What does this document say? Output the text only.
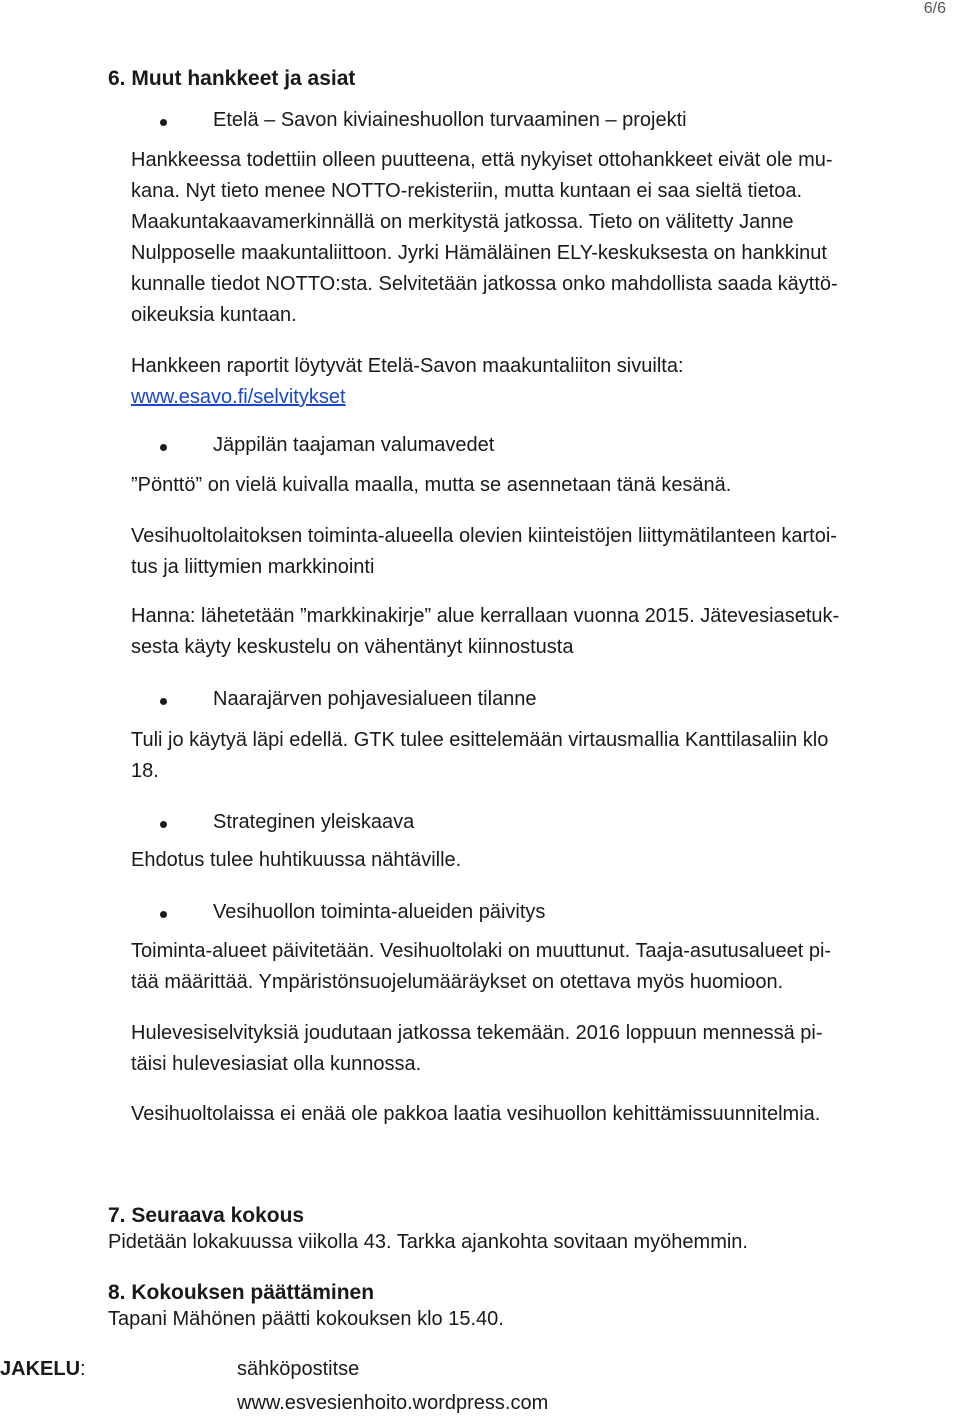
6/6
6. Muut hankkeet ja asiat
Etelä – Savon kiviaineshuollon turvaaminen – projekti
Hankkeessa todettiin olleen puutteena, että nykyiset ottohankkeet eivät ole mu-
kana. Nyt tieto menee NOTTO-rekisteriin, mutta kuntaan ei saa sieltä tietoa.
Maakuntakaavamerkinnällä on merkitystä jatkossa. Tieto on välitetty Janne
Nulpposelle maakuntaliittoon. Jyrki Hämäläinen ELY-keskuksesta on hankkinut
kunnalle tiedot NOTTO:sta. Selvitetään jatkossa onko mahdollista saada käyttö-
oikeuksia kuntaan.
Hankkeen raportit löytyvät Etelä-Savon maakuntaliiton sivuilta:
www.esavo.fi/selvitykset
Jäppilän taajaman valumavedet
”Pönttö” on vielä kuivalla maalla, mutta se asennetaan tänä kesänä.
Vesihuoltolaitoksen toiminta-alueella olevien kiinteistöjen liittymätilanteen kartoi-
tus ja liittymien markkinointi
Hanna: lähetetään ”markkinakirje” alue kerrallaan vuonna 2015. Jätevesiasetuk-
sesta käyty keskustelu on vähentänyt kiinnostusta
Naarajärven pohjavesialueen tilanne
Tuli jo käytyä läpi edellä. GTK tulee esittelemään virtausmallia Kanttilasaliin klo
18.
Strateginen yleiskaava
Ehdotus tulee huhtikuussa nähtäville.
Vesihuollon toiminta-alueiden päivitys
Toiminta-alueet päivitetään. Vesihuoltolaki on muuttunut. Taaja-asutusalueet pi-
tää määrittää. Ympäristönsuojelumääräykset on otettava myös huomioon.
Hulevesiselvityksiä joudutaan jatkossa tekemään. 2016 loppuun mennessä pi-
täisi hulevesiasiat olla kunnossa.
Vesihuoltolaissa ei enää ole pakkoa laatia vesihuollon kehittämissuunnitelmia.
7. Seuraava kokous
Pidetään lokakuussa viikolla 43. Tarkka ajankohta sovitaan myöhemmin.
8. Kokouksen päättäminen
Tapani Mähönen päätti kokouksen klo 15.40.
JAKELU:	sähköpostitse
www.esvesienhoito.wordpress.com
